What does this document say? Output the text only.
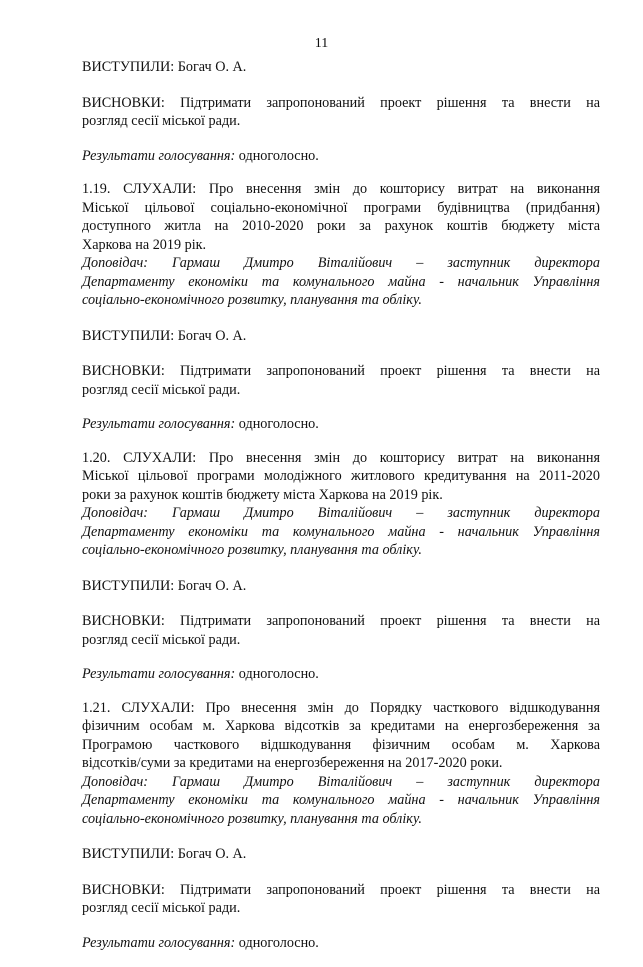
11
ВИСТУПИЛИ: Богач О. А.
ВИСНОВКИ: Підтримати запропонований проект рішення та внести на
розгляд сесії міської ради.
Результати голосування: одноголосно.
1.19. СЛУХАЛИ: Про внесення змін до кошторису витрат на виконання
Міської цільової соціально-економічної програми будівництва (придбання)
доступного житла на 2010-2020 роки за рахунок коштів бюджету міста
Харкова на 2019 рік.
Доповідач: Гармаш Дмитро Віталійович – заступник директора
Департаменту економіки та комунального майна - начальник Управління
соціально-економічного розвитку, планування та обліку.
ВИСТУПИЛИ: Богач О. А.
ВИСНОВКИ: Підтримати запропонований проект рішення та внести на
розгляд сесії міської ради.
Результати голосування: одноголосно.
1.20. СЛУХАЛИ: Про внесення змін до кошторису витрат на виконання
Міської цільової програми молодіжного житлового кредитування на 2011-2020
роки за рахунок коштів бюджету міста Харкова на 2019 рік.
Доповідач: Гармаш Дмитро Віталійович – заступник директора
Департаменту економіки та комунального майна - начальник Управління
соціально-економічного розвитку, планування та обліку.
ВИСТУПИЛИ: Богач О. А.
ВИСНОВКИ: Підтримати запропонований проект рішення та внести на
розгляд сесії міської ради.
Результати голосування: одноголосно.
1.21. СЛУХАЛИ: Про внесення змін до Порядку часткового відшкодування
фізичним особам м. Харкова відсотків за кредитами на енергозбереження за
Програмою часткового відшкодування фізичним особам м. Харкова
відсотків/суми за кредитами на енергозбереження на 2017-2020 роки.
Доповідач: Гармаш Дмитро Віталійович – заступник директора
Департаменту економіки та комунального майна - начальник Управління
соціально-економічного розвитку, планування та обліку.
ВИСТУПИЛИ: Богач О. А.
ВИСНОВКИ: Підтримати запропонований проект рішення та внести на
розгляд сесії міської ради.
Результати голосування: одноголосно.
